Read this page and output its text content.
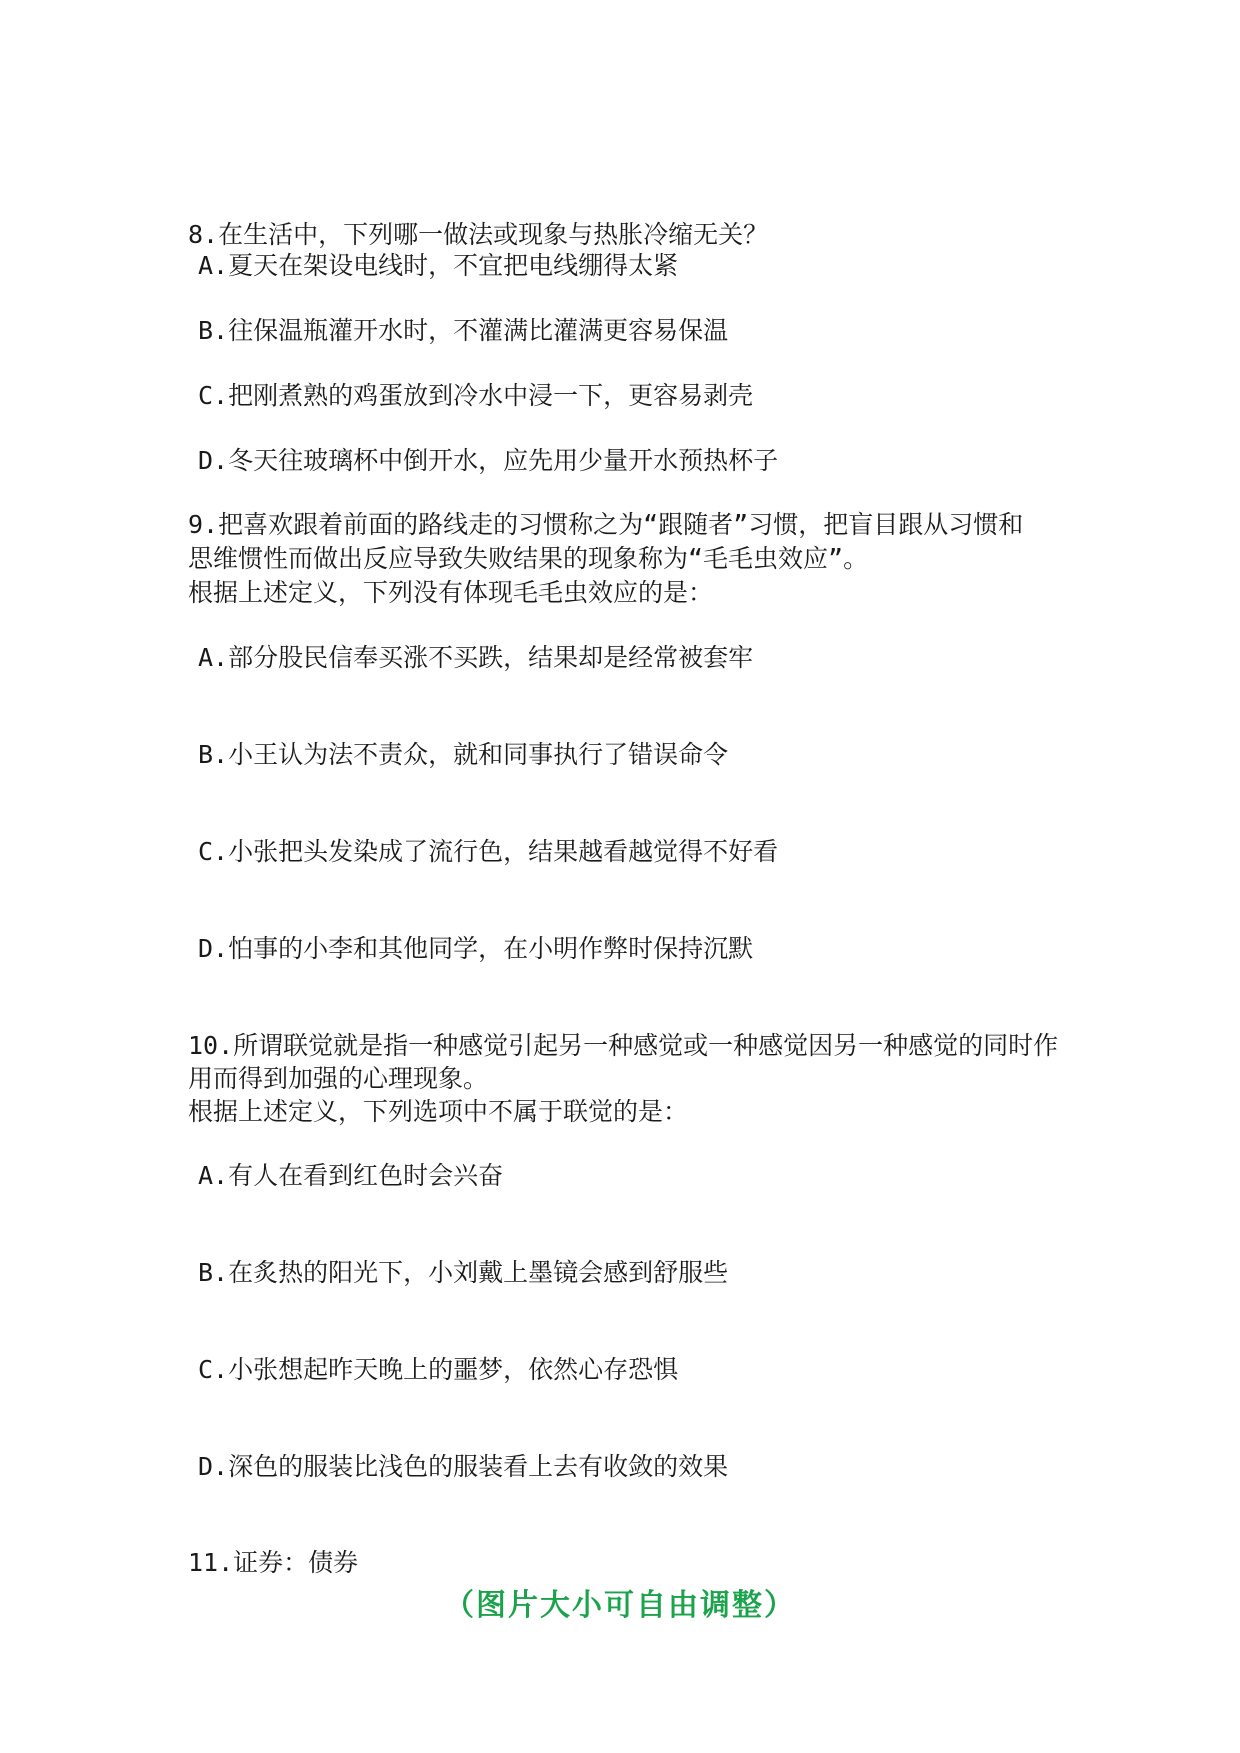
8.在生活中，下列哪一做法或现象与热胀冷缩无关？
A.夏天在架设电线时，不宜把电线绷得太紧
B.往保温瓶灌开水时，不灌满比灌满更容易保温
C.把刚煮熟的鸡蛋放到冷水中浸一下，更容易剥壳
D.冬天往玻璃杯中倒开水，应先用少量开水预热杯子
9.把喜欢跟着前面的路线走的习惯称之为“跟随者”习惯，把盲目跟从习惯和
思维惯性而做出反应导致失败结果的现象称为“毛毛虫效应”。
根据上述定义，下列没有体现毛毛虫效应的是：
A.部分股民信奉买涨不买跌，结果却是经常被套牢
B.小王认为法不责众，就和同事执行了错误命令
C.小张把头发染成了流行色，结果越看越觉得不好看
D.怕事的小李和其他同学，在小明作弊时保持沉默
10.所谓联觉就是指一种感觉引起另一种感觉或一种感觉因另一种感觉的同时作
用而得到加强的心理现象。
根据上述定义，下列选项中不属于联觉的是：
A.有人在看到红色时会兴奋
B.在炙热的阳光下，小刘戴上墨镜会感到舒服些
C.小张想起昨天晚上的噩梦，依然心存恐惧
D.深色的服装比浅色的服装看上去有收敛的效果
11.证券：债券
（图片大小可自由调整）
